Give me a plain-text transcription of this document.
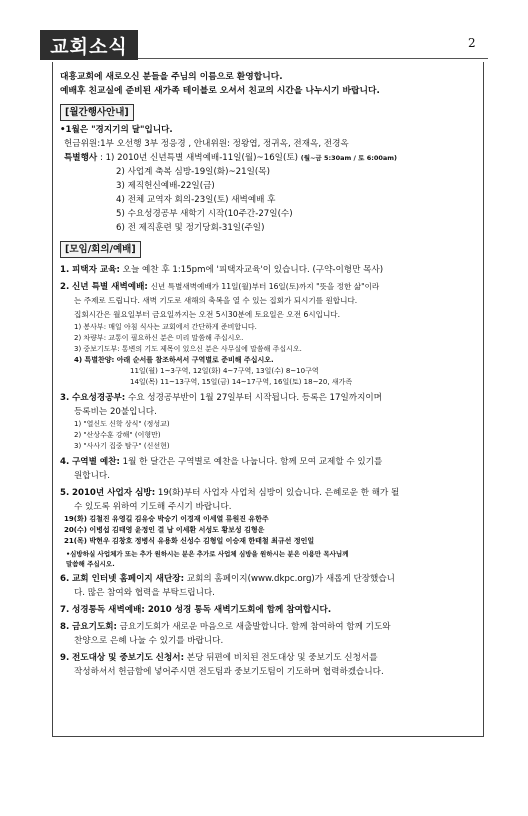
교회소식	2
대흥교회에 새로오신 분들을 주님의 이름으로 환영합니다.
예배후 친교실에 준비된 새가족 테이블로 오셔서 친교의 시간을 나누시기 바랍니다.
[월간행사안내]
•1월은 "경지기의 달"입니다.
헌금위원:1부 오선행 3부 정응경 , 안내위원: 정왕엽, 정귀옥, 전재옥, 전경옥
특별행사 : 1) 2010년 신년특별 새벽예배-11일(월)~16일(토) (월~금 5:30am / 토 6:00am)
2) 사업계 축복 심방-19일(화)~21일(목)
3) 제직헌신예배-22일(금)
4) 전체 교역자 회의-23일(토) 새벽예배 후
5) 수요성경공부 새학기 시작(10주간-27일(수)
6) 전 제직훈련 및 정기당회-31일(주일)
[모임/회의/예배]
1. 피택자 교육: 오늘 예찬 후 1:15pm에 '피택자교육'이 있습니다. (구약-이형만 목사)
2. 신년 특별 새벽예배: 신년 특별새벽예배가 11일(월)부터 16일(토)까지 "뜻을 정한 삶"이라
는 주제로 드립니다. 새벽 기도로 새해의 축복을 열 수 있는 집회가 되시기를 원합니다.
집회시간은 월요일부터 금요일까지는 오전 5시30분에 토요일은 오전 6시입니다.
1) 봉사부: 매일 아침 식사는 교회에서 간단하게 준비합니다.
2) 차량부: 교통이 필요하신 분은 미리 말씀해 주십시오.
3) 중보기도부: 통변의 기도 제목이 있으신 분은 사무실에 말씀해 주십시오.
4) 특별찬양: 아래 순서를 참조하셔서 구역별로 준비해 주십시오.
11일(월) 1~3구역, 12일(화) 4~7구역, 13일(수) 8~10구역
14일(목) 11~13구역, 15일(금) 14~17구역, 16일(토) 18~20, 새가족
3. 수요성경공부: 수요 성경공부반이 1월 27일부터 시작됩니다. 등록은 17일까지이며
등록비는 20불입니다.
1) "열신도 신학 상식" (정성교)
2) "산상수훈 강해" (이형만)
3) "사사기 집중 탐구" (신선현)
4. 구역별 예찬: 1월 한 달간은 구역별로 예찬을 나눕니다. 함께 모여 교제할 수 있기를
원합니다.
5. 2010년 사업자 심방: 19(화)부터 사업자 사업처 심방이 있습니다. 은혜로운 한 해가 될
수 있도록 위하여 기도해 주시기 바랍니다.
19(화) 김철진 유영길 김유승 박승기 이경재 이세열 류원진 유한주
20(수) 이병섭 김태영 윤정인 결 남 이세환 서성도 황보성 김형운
21(목) 박현우 김창호 정병식 유용화 신성수 김형일 이승재 한태철 최규선 정인일
•심방하실 사업체가 또는 추가 원하시는 분은 추가로 사업체 심방을 원하시는 분은 이용만 목사님께
말씀해 주십시오.
6. 교회 인터넷 홈페이지 새단장: 교회의 홈페이지(www.dkpc.org)가 새롭게 단장했습니
다. 많은 참여와 협력을 부탁드립니다.
7. 성경통독 새벽예배: 2010 성경 통독 새벽기도회에 함께 참여합시다.
8. 금요기도회: 금요기도회가 새로운 마음으로 새출발합니다. 함께 참여하여 함께 기도와
찬양으로 은혜 나눌 수 있기를 바랍니다.
9. 전도대상 및 중보기도 신청서: 본당 뒤편에 비치된 전도대상 및 중보기도 신청서를
작성하셔서 헌금함에 넣어주시면 전도팀과 중보기도팀이 기도하며 협력하겠습니다.
